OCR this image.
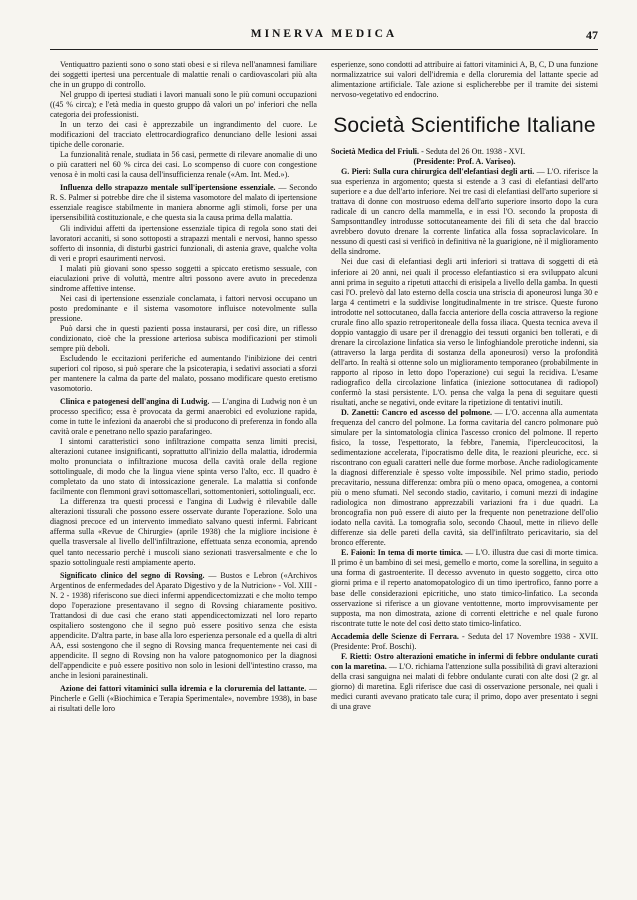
MINERVA MEDICA	47

Ventiquattro pazienti sono o sono stati obesi e si rileva nell'anamnesi familiare dei soggetti ipertesi una percentuale di malattie renali o cardiovascolari più alta che in un gruppo di controllo.

Nel gruppo di ipertesi studiati i lavori manuali sono le più comuni occupazioni ((45 % circa); e l'età media in questo gruppo dà valori un po' inferiori che nella categoria dei professionisti.

In un terzo dei casi è apprezzabile un ingrandimento del cuore. Le modificazioni del tracciato elettrocardiografico denunciano delle lesioni assai tipiche delle coronarie.

La funzionalità renale, studiata in 56 casi, permette di rilevare anomalie di uno o più caratteri nel 60 % circa dei casi. Lo scompenso di cuore con congestione venosa è in molti casi la causa dell'insufficienza renale («Am. Int. Med.»).

Influenza dello strapazzo mentale sull'ipertensione essenziale. — Secondo R. S. Palmer si potrebbe dire che il sistema vasomotore del malato di ipertensione essenziale reagisce stabilmente in maniera abnorme agli stimoli, forse per una ipersensibilità costituzionale, e che questa sia la causa prima della malattia.

Gli individui affetti da ipertensione essenziale tipica di regola sono stati dei lavoratori accaniti, si sono sottoposti a strapazzi mentali e nervosi, hanno spesso sofferto di insonnia, di disturbi gastrici funzionali, di astenia grave, qualche volta di veri e propri esaurimenti nervosi.

I malati più giovani sono spesso soggetti a spiccato eretismo sessuale, con eiaculazioni prive di voluttà, mentre altri possono avere avuto in precedenza sindrome affettive intense.

Nei casi di ipertensione essenziale conclamata, i fattori nervosi occupano un posto predominante e il sistema vasomotore influisce notevolmente sulla pressione.

Può darsi che in questi pazienti possa instaurarsi, per così dire, un riflesso condizionato, cioè che la pressione arteriosa subisca modificazioni per stimoli sempre più deboli.

Escludendo le eccitazioni periferiche ed aumentando l'inibizione dei centri superiori col riposo, si può sperare che la psicoterapia, i sedativi associati a sforzi per mantenere la calma da parte del malato, possano modificare questo eretismo vasomotorio.

Clinica e patogenesi dell'angina di Ludwig. — L'angina di Ludwig non è un processo specifico; essa è provocata da germi anaerobici ed evoluzione rapida, come in tutte le infezioni da anaerobi che si producono di preferenza in fondo alla cavità orale e penetrano nello spazio parafaringeo.

I sintomi caratteristici sono infiltrazione compatta senza limiti precisi, alterazioni cutanee insignificanti, soprattutto all'inizio della malattia, idrodermia molto pronunciata o infiltrazione mucosa della cavità orale della regione sottolinguale, di modo che la lingua viene spinta verso l'alto, ecc. Il quadro è completato da uno stato di intossicazione generale. La malattia si confonde facilmente con flemmoni gravi sottomascellari, sottomentonieri, sottolinguali, ecc.

La differenza tra questi processi e l'angina di Ludwig è rilevabile dalle alterazioni tissurali che possono essere osservate durante l'operazione. Solo una diagnosi precoce ed un intervento immediato salvano questi infermi. Fabricant afferma sulla «Revue de Chirurgie» (aprile 1938) che la migliore incisione è quella trasversale al livello dell'infiltrazione, effettuata senza economia, aprendo quel tanto necessario perchè i muscoli siano sezionati trasversalmente e che lo spazio sottolinguale resti ampiamente aperto.

Significato clinico del segno di Rovsing. — Bustos e Lebron («Archivos Argentinos de enfermedades del Aparato Digestivo y de la Nutricion» - Vol. XIII - N. 2 - 1938) riferiscono sue dieci infermi appendicectomizzati e che molto tempo dopo l'operazione presentavano il segno di Rovsing chiaramente positivo. Trattandosi di due casi che erano stati appendicectomizzati nel loro reparto ospitaliero sostengono che il segno può essere positivo senza che esista appendicite. D'altra parte, in base alla loro esperienza personale ed a quella di altri AA, essi sostengono che il segno di Rovsing manca frequentemente nei casi di appendicite. Il segno di Rovsing non ha valore patognomonico per la diagnosi dell'appendicite e può essere positivo non solo in lesioni dell'intestino crasso, ma anche in lesioni parainestinali.

Azione dei fattori vitaminici sulla idremia e la cloruremia del lattante. — Pincherle e Gelli («Biochimica e Terapia Sperimentale», novembre 1938), in base ai risultati delle loro

esperienze, sono condotti ad attribuire ai fattori vitaminici A, B, C, D una funzione normalizzatrice sui valori dell'idremia e della cloruremia del lattante specie ad alimentazione artificiale. Tale azione si esplicherebbe per il tramite dei sistemi nervoso-vegetativo ed endocrino.

Società Scientifiche Italiane

Società Medica del Friuli. - Seduta del 26 Ott. 1938 - XVI.

(Presidente: Prof. A. Variseo).

G. Pieri: Sulla cura chirurgica dell'elefantiasi degli arti. — L'O. riferisce la sua esperienza in argomento; questa si estende a 3 casi di elefantiasi dell'arto superiore e a due dell'arto inferiore. Nei tre casi di elefantiasi dell'arto superiore si trattava di donne con mostruoso edema dell'arto superiore insorto dopo la cura radicale di un cancro della mammella, e in essi l'O. secondo la proposta di Sampsonttandley introdusse sottocutaneamente dei fili di seta che dal braccio avrebbero dovuto drenare la corrente linfatica alla fossa sopraclavicolare. In nessuno di questi casi si verificò in definitiva nè la guarigione, nè il miglioramento della sindrome.

Nei due casi di elefantiasi degli arti inferiori si trattava di soggetti di età inferiore ai 20 anni, nei quali il processo elefantiastico si era sviluppato alcuni anni prima in seguito a ripetuti attacchi di erisipela a livello della gamba. In questi casi l'O. prelevò dal lato esterno della coscia una striscia di aponeurosi lunga 30 e larga 4 centimetri e la suddivise longitudinalmente in tre strisce. Queste furono introdotte nel sottocutaneo, dalla faccia anteriore della coscia attraverso la regione crurale fino allo spazio retroperitoneale della fossa iliaca. Questa tecnica aveva il doppio vantaggio di usare per il drenaggio dei tessuti organici ben tollerati, e di drenare la circolazione linfatica sia verso le linfoghiandole prerotiche indenni, sia (attraverso la larga perdita di sostanza della aponeurosi) verso la profondità dell'arto. In realtà si ottenne solo un miglioramento temporaneo (probabilmente in rapporto al riposo in letto dopo l'operazione) cui seguì la recidiva. L'esame radiografico della circolazione linfatica (iniezione sottocutanea di radiopol) confermò la stasi persistente. L'O. pensa che valga la pena di seguitare questi risultati, anche se negativi, onde evitare la ripetizione di tentativi inutili.

D. Zanetti: Cancro ed ascesso del polmone. — L'O. accenna alla aumentata frequenza del cancro del polmone. La forma cavitaria del cancro polmonare può simulare per la sintomatologia clinica l'ascesso cronico del polmone. Il reperto fisico, la tosse, l'espettorato, la febbre, l'anemia, l'ipercleucocitosi, la sedimentazione accelerata, l'ipocratismo delle dita, le reazioni pleuriche, ecc. si riscontrano con eguali caratteri nelle due forme morbose. Anche radiologicamente la diagnosi differenziale è spesso volte impossibile. Nel primo stadio, periodo precavitario, nessuna differenza: ombra più o meno opaca, omogenea, a contorni più o meno sfumati. Nel secondo stadio, cavitario, i comuni mezzi di indagine radiologica non dimostrano apprezzabili variazioni fra i due quadri. La broncografia non può essere di aiuto per la frequente non penetrazione dell'olio iodato nella cavità. La tomografia solo, secondo Chaoul, mette in rilievo delle differenze sia delle pareti della cavità, sia dell'infiltrato pericavitario, sia del bronco efferente.

E. Faioni: In tema di morte timica. — L'O. illustra due casi di morte timica. Il primo è un bambino di sei mesi, gemello e morto, come la sorellina, in seguito a una forma di gastroenterite. Il decesso avvenuto in questo soggetto, circa otto giorni prima e il reperto anatomopatologico di un timo ipertrofico, fanno porre a base delle considerazioni epicritiche, uno stato timico-linfatico. La seconda osservazione si riferisce a un giovane ventottenne, morto improvvisamente per supposta, ma non dimostrata, azione di correnti elettriche e nel quale furono riscontrate tutte le note del così detto stato timico-linfatico.

Accademia delle Scienze di Ferrara. - Seduta del 17 Novembre 1938 - XVII. (Presidente: Prof. Boschi).

F. Rietti: Ostro alterazioni ematiche in infermi di febbre ondulante curati con la maretina. — L'O. richiama l'attenzione sulla possibilità di gravi alterazioni della crasi sanguigna nei malati di febbre ondulante curati con alte dosi (2 gr. al giorno) di maretina. Egli riferisce due casi di osservazione personale, nei quali i medici curanti avevano praticato tale cura; il primo, dopo aver presentato i segni di una grave
